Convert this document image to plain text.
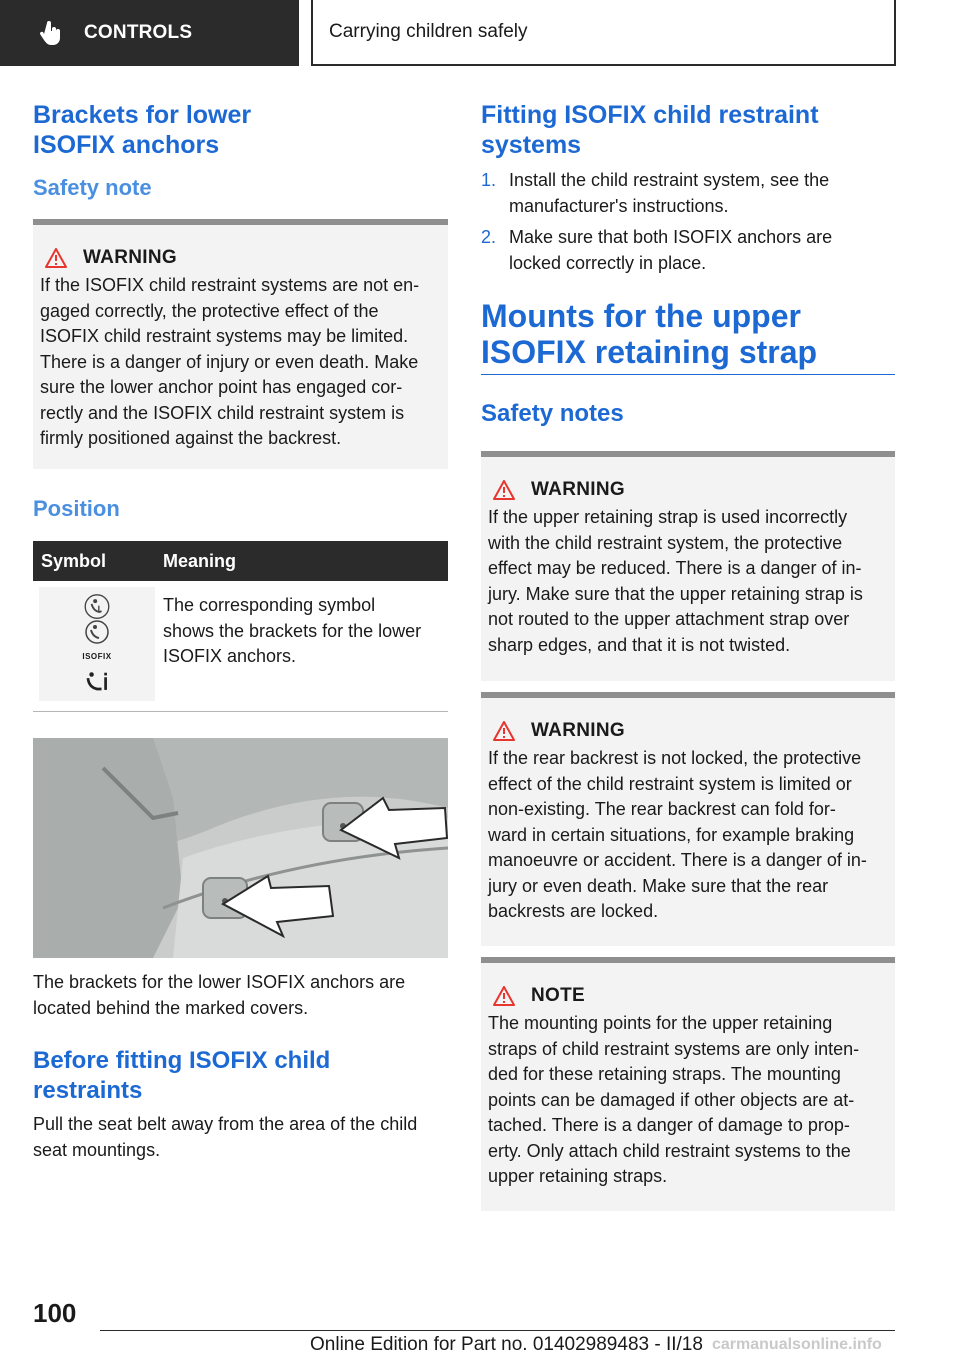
CONTROLS	Carrying children safely
Brackets for lower
ISOFIX anchors
Safety note
WARNING
If the ISOFIX child restraint systems are not en-
gaged correctly, the protective effect of the
ISOFIX child restraint systems may be limited.
There is a danger of injury or even death. Make
sure the lower anchor point has engaged cor-
rectly and the ISOFIX child restraint system is
firmly positioned against the backrest.
Position
Symbol	Meaning

ISOFIX	The corresponding symbol
shows the brackets for the lower
ISOFIX anchors.

The brackets for the lower ISOFIX anchors are
located behind the marked covers.

Before fitting ISOFIX child
restraints

Pull the seat belt away from the area of the child
seat mountings.

Fitting ISOFIX child restraint
systems
1. Install the child restraint system, see the
manufacturer's instructions.
2. Make sure that both ISOFIX anchors are
locked correctly in place.
Mounts for the upper
ISOFIX retaining strap
Safety notes
WARNING
If the upper retaining strap is used incorrectly
with the child restraint system, the protective
effect may be reduced. There is a danger of in-
jury. Make sure that the upper retaining strap is
not routed to the upper attachment strap over
sharp edges, and that it is not twisted.
WARNING
If the rear backrest is not locked, the protective
effect of the child restraint system is limited or
non-existing. The rear backrest can fold for-
ward in certain situations, for example braking
manoeuvre or accident. There is a danger of in-
jury or even death. Make sure that the rear
backrests are locked.
NOTE
The mounting points for the upper retaining
straps of child restraint systems are only inten-
ded for these retaining straps. The mounting
points can be damaged if other objects are at-
tached. There is a danger of damage to prop-
erty. Only attach child restraint systems to the
upper retaining straps.
100
Online Edition for Part no. 01402989483 - II/18 carmanualsonline.info
